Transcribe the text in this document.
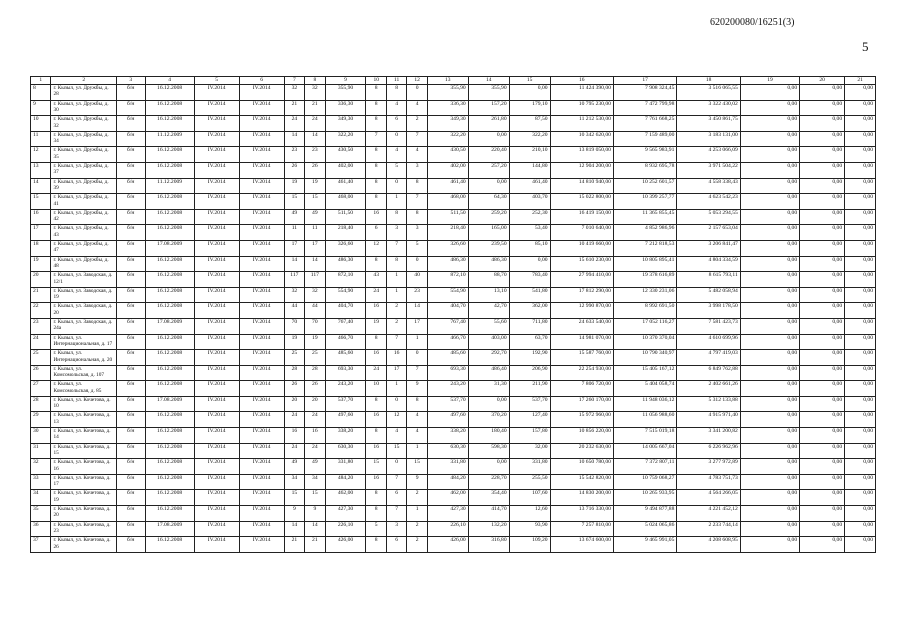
620200080/16251(3)
5
1	2	3	4	5	6	7	8	9	10	11	12	13	14	15	16	17	18	19	20	21
8	г. Кызыл, ул. Дружбы, д. 28	б/н	16.12.2008	IV.2014	IV.2014	32	32	355,90	8	8	0	355,90	355,90	0,00	11 424 390,00	7 908 324,45	3 516 065,55	0,00	0,00	0,00
9	г. Кызыл, ул. Дружбы, д. 30	б/н	16.12.2008	IV.2014	IV.2014	21	21	336,30	8	4	4	336,30	157,20	179,10	10 795 230,00	7 472 799,98	3 322 430,02	0,00	0,00	0,00
10	г. Кызыл, ул. Дружбы, д. 32	б/н	16.12.2008	IV.2014	IV.2014	24	24	349,30	8	6	2	349,30	261,80	87,50	11 212 530,00	7 761 668,25	3 450 861,75	0,00	0,00	0,00
11	г. Кызыл, ул. Дружбы, д. 34	б/н	11.12.2009	IV.2014	IV.2014	14	14	322,20	7	0	7	322,20	0,00	322,20	10 342 620,00	7 159 489,00	3 183 131,00	0,00	0,00	0,00
12	г. Кызыл, ул. Дружбы, д. 35	б/н	16.12.2008	IV.2014	IV.2014	23	23	430,50	8	4	4	430,50	220,40	210,10	13 819 050,00	9 565 983,91	4 253 066,09	0,00	0,00	0,00
13	г. Кызыл, ул. Дружбы, д. 37	б/н	16.12.2008	IV.2014	IV.2014	26	26	402,00	8	5	3	402,00	257,20	144,80	12 904 200,00	8 932 695,78	3 971 504,22	0,00	0,00	0,00
14	г. Кызыл, ул. Дружбы, д. 39	б/н	11.12.2009	IV.2014	IV.2014	19	19	461,40	8	0	8	461,40	0,00	461,40	14 810 940,00	10 252 601,57	4 558 338,43	0,00	0,00	0,00
15	г. Кызыл, ул. Дружбы, д. 41	б/н	16.12.2008	IV.2014	IV.2014	15	15	468,00	8	1	7	468,00	64,30	403,70	15 022 800,00	10 399 257,77	4 623 542,23	0,00	0,00	0,00
16	г. Кызыл, ул. Дружбы, д. 42	б/н	16.12.2008	IV.2014	IV.2014	49	49	511,50	16	8	8	511,50	259,20	252,30	16 419 150,00	11 365 855,45	5 053 294,55	0,00	0,00	0,00
17	г. Кызыл, ул. Дружбы, д. 43	б/н	16.12.2008	IV.2014	IV.2014	11	11	218,40	6	3	3	218,40	165,00	53,40	7 010 640,00	4 852 986,96	2 157 653,04	0,00	0,00	0,00
18	г. Кызыл, ул. Дружбы, д. 47	б/н	17.08.2009	IV.2014	IV.2014	17	17	326,60	12	7	5	326,60	239,50	85,10	10 419 660,00	7 212 818,53	3 206 841,47	0,00	0,00	0,00
19	г. Кызыл, ул. Дружбы, д. 48	б/н	16.12.2008	IV.2014	IV.2014	14	14	486,30	8	8	0	486,30	486,30	0,00	15 610 230,00	10 805 895,41	4 804 334,59	0,00	0,00	0,00
20	г. Кызыл, ул. Заводская, д. 12/1	б/н	16.12.2008	IV.2014	IV.2014	117	117	872,10	43	1	40	872,10	88,70	783,40	27 994 410,00	19 378 616,89	8 615 793,11	0,00	0,00	0,00
21	г. Кызыл, ул. Заводская, д. 19	б/н	16.12.2008	IV.2014	IV.2014	32	32	554,90	24	1	23	554,90	13,10	541,80	17 812 290,00	12 330 231,06	5 482 058,94	0,00	0,00	0,00
22	г. Кызыл, ул. Заводская, д. 20	б/н	16.12.2008	IV.2014	IV.2014	44	44	404,70	16	2	14	404,70	42,70	362,00	12 990 870,00	8 992 691,50	3 998 178,50	0,00	0,00	0,00
23	г. Кызыл, ул. Заводская, д. 24а	б/н	17.08.2009	IV.2014	IV.2014	70	70	767,40	19	2	17	767,40	55,60	711,80	24 633 540,00	17 052 116,27	7 581 423,73	0,00	0,00	0,00
24	г. Кызыл, ул. Интернациональная, д. 17	б/н	16.12.2008	IV.2014	IV.2014	19	19	466,70	8	7	1	466,70	403,00	63,70	14 981 070,00	10 370 370,04	4 610 699,96	0,00	0,00	0,00
25	г. Кызыл, ул. Интернациональная, д. 20	б/н	16.12.2008	IV.2014	IV.2014	25	25	485,60	16	16	0	485,60	292,70	192,90	15 587 760,00	10 790 340,97	4 797 419,03	0,00	0,00	0,00
26	г. Кызыл, ул. Комсомольская, д. 107	б/н	16.12.2008	IV.2014	IV.2014	28	28	693,30	24	17	7	693,30	486,40	206,90	22 254 930,00	15 405 167,12	6 849 762,88	0,00	0,00	0,00
27	г. Кызыл, ул. Комсомольская, д. 85	б/н	16.12.2008	IV.2014	IV.2014	26	26	243,20	10	1	9	243,20	31,30	211,90	7 806 720,00	5 404 058,74	2 402 661,26	0,00	0,00	0,00
28	г. Кызыл, ул. Кочетова, д. 10	б/н	17.08.2009	IV.2014	IV.2014	20	20	537,70	8	0	8	537,70	0,00	537,70	17 260 170,00	11 948 036,12	5 312 133,88	0,00	0,00	0,00
29	г. Кызыл, ул. Кочетова, д. 13	б/н	16.12.2008	IV.2014	IV.2014	24	24	497,60	16	12	4	497,60	370,20	127,40	15 972 960,00	11 056 988,60	4 915 971,40	0,00	0,00	0,00
30	г. Кызыл, ул. Кочетова, д. 14	б/н	16.12.2008	IV.2014	IV.2014	16	16	338,20	8	4	4	338,20	180,40	157,80	10 856 220,00	7 515 019,18	3 341 200,82	0,00	0,00	0,00
31	г. Кызыл, ул. Кочетова, д. 15	б/н	16.12.2008	IV.2014	IV.2014	24	24	630,30	16	15	1	630,30	598,30	32,00	20 232 630,00	14 005 667,04	6 226 962,96	0,00	0,00	0,00
32	г. Кызыл, ул. Кочетова, д. 16	б/н	16.12.2008	IV.2014	IV.2014	49	49	331,80	15	0	15	331,80	0,00	331,80	10 650 780,00	7 372 807,11	3 277 972,89	0,00	0,00	0,00
33	г. Кызыл, ул. Кочетова, д. 17	б/н	16.12.2008	IV.2014	IV.2014	34	34	484,20	16	7	9	484,20	228,70	255,50	15 542 820,00	10 759 068,27	4 783 751,73	0,00	0,00	0,00
34	г. Кызыл, ул. Кочетова, д. 19	б/н	16.12.2008	IV.2014	IV.2014	15	15	462,00	8	6	2	462,00	354,40	107,60	14 830 200,00	10 265 933,95	4 564 266,05	0,00	0,00	0,00
35	г. Кызыл, ул. Кочетова, д. 20	б/н	16.12.2008	IV.2014	IV.2014	9	9	427,30	8	7	1	427,30	414,70	12,60	13 716 330,00	9 494 877,88	4 221 452,12	0,00	0,00	0,00
36	г. Кызыл, ул. Кочетова, д. 23	б/н	17.08.2009	IV.2014	IV.2014	14	14	226,10	5	3	2	226,10	132,20	93,90	7 257 810,00	5 024 065,86	2 233 744,14	0,00	0,00	0,00
37	г. Кызыл, ул. Кочетова, д. 26	б/н	16.12.2008	IV.2014	IV.2014	21	21	426,00	8	6	2	426,00	316,80	109,20	13 674 600,00	9 465 991,05	4 208 608,95	0,00	0,00	0,00
